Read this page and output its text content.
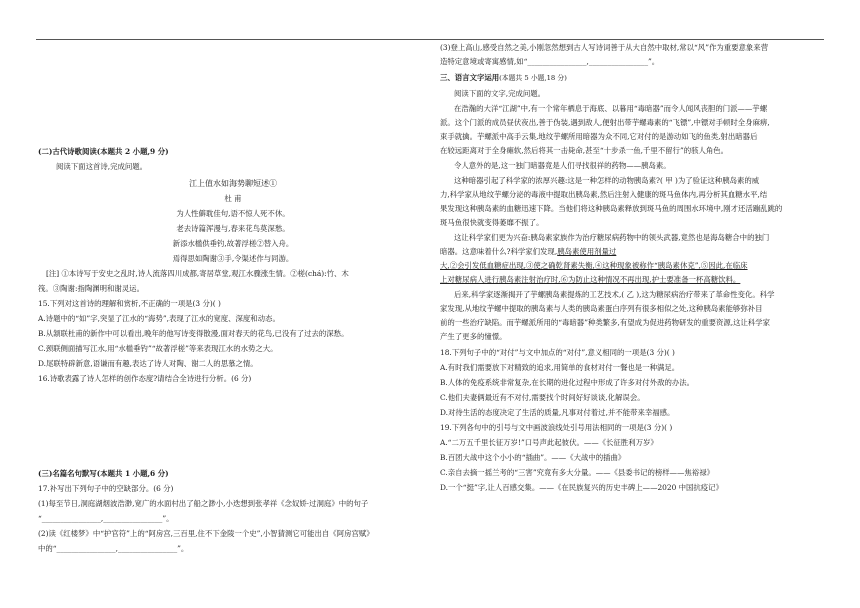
(二)古代诗歌阅读(本题共 2 小题,9 分)
阅读下面这首诗,完成问题。
江上值水如海势聊短述①
杜 甫
为人性僻耽佳句,语不惊人死不休。
老去诗篇浑漫与,春来花鸟莫深愁。
新添水槛供垂钓,故著浮槎②替入舟。
焉得思如陶谢③手,令渠述作与同游。
[注] ①本诗写于安史之乱时,诗人流落四川成都,寄居草堂,观江水骤涨生情。②槎(chá):竹、木
筏。③陶谢:指陶渊明和谢灵运。
15.下列对这首诗的理解和赏析,不正确的一项是(3 分)( )
A.诗题中的“如”字,突显了江水的“海势”,表现了江水的宽度、深度和动态。
B.从颔联杜甫的新作中可以看出,晚年的他写诗变得散漫,面对春天的花鸟,已没有了过去的深愁。
C.颈联侧面描写江水,用“水槛垂钓”“故著浮槎”等来表现江水的水势之大。
D.尾联特辟新意,语谦而有趣,表达了诗人对陶、谢二人的思慕之情。
16.诗歌表露了诗人怎样的创作态度?请结合全诗进行分析。(6 分)
(三)名篇名句默写(本题共 1 小题,6 分)
17.补写出下列句子中的空缺部分。(6 分)
(1)每至节日,洞庭湖烟波浩渺,宽广的水面村出了船之渺小,小迭想到张孝祥《念奴娇·过洞庭》中的句子
“________________,________________”。
(2)读《红楼梦》中“护官符”上的“阿房宫,三百里,住不下金陵一个史”,小智猜测它可能出自《阿房宫赋》
中的“________________,________________”。
(3)登上高山,感受自然之美,小刚忽然想到古人写诗词善于从大自然中取材,常以“风”作为重要意象来营
造特定意境或寄寓感情,如“________________,________________”。
三、语言文字运用(本题共 5 小题,18 分)
阅读下面的文字,完成问题。
在浩瀚的大洋“江湖”中,有一个常年栖息于海底、以暮用“毒暗器”而令人闻风丧胆的门派——芋螺
派。这个门派的成员昼伏夜出,善于伪装,遇到敌人,便射出带芋螺毒素的“飞镖”,中镖对手顿时全身麻痹,
束手就擒。芋螺派中高手云集,地纹芋螺所用暗器为众不同,它对付的是游动如飞的鱼类,射出暗器后
在较远距离对于全身瘫软,然后将其一击毙命,甚至“十步杀一鱼,千里不留行”的骇人角色。
令人意外的是,这一独门暗器竟是人们寻找很祥的药物——胰岛素。
这种暗器引起了科学家的浓厚兴趣:这是一种怎样的动物胰岛素?( 甲 )为了验证这种胰岛素的威
力,科学家从地纹芋螺分泌的毒液中提取出胰岛素,然后注射入健康的斑马鱼体内,再分析其血糖水平,结
果发现这种胰岛素的血糖迅速下降。当他们将这种胰岛素释放到斑马鱼的周围水环境中,刚才还活蹦乱跳的
斑马鱼很快就变得萎靡不振了。
这让科学家们更为兴奋:胰岛素家族作为治疗糖尿病药物中的领头武器,竟然也是海岛糖合中的独门
暗器。这意味着什么?科学家们发现,胰岛素使用剂量过
大,②会引发低血糖症出现,③使之确乾肾素失衡,④这种现象被称作“胰岛素休克”,⑤因此,在临床
上对糖尿病人进行胰岛素注射治疗时,⑥为防止这种情况不再出现,护士要准备一杯高糖饮料。
后来,科学家逐渐揭开了芋螺胰岛素提炼的工艺技术,( 乙 ),这为糖尿病治疗带来了革命性变化。科学
家发现,从地纹芋螺中提取的胰岛素与人类的胰岛素蛋白序列有很多相似之处,这种胰岛素能够弥补目
前的一些治疗缺陷。而芋螺派所用的“毒暗器”种类繁多,有望成为促进药物研发的重要资源,这让科学家
产生了更多的憧憬。
18.下列句子中的“对付”与文中加点的“对付”,意义相同的一项是(3 分)( )
A.有时我们需要放下对精致的追求,用简单的食材对付一餐也是一种满足。
B.人体的免疫系统非常复杂,在长期的进化过程中形成了许多对付外敌的办法。
C.他们夫妻俩最近有不对付,需要找个时间好好谈谈,化解误会。
D.对待生活的态度决定了生活的质量,凡事对付着过,并不能带来幸福感。
19.下列各句中的引号与文中画波浪线处引号用法相同的一项是(3 分)( )
A.“二万五千里长征万岁!”口号声此起彼伏。——《长征胜利万岁》
B.百团大战中这个小小的“插曲”。——《大战中的插曲》
C.亲自去摘一摇兰考的“三害”究竟有多大分量。——《县委书记的榜样——焦裕禄》
D.一个“挺”字,让人百感交集。——《在民族复兴的历史丰碑上——2020 中国抗疫记》
